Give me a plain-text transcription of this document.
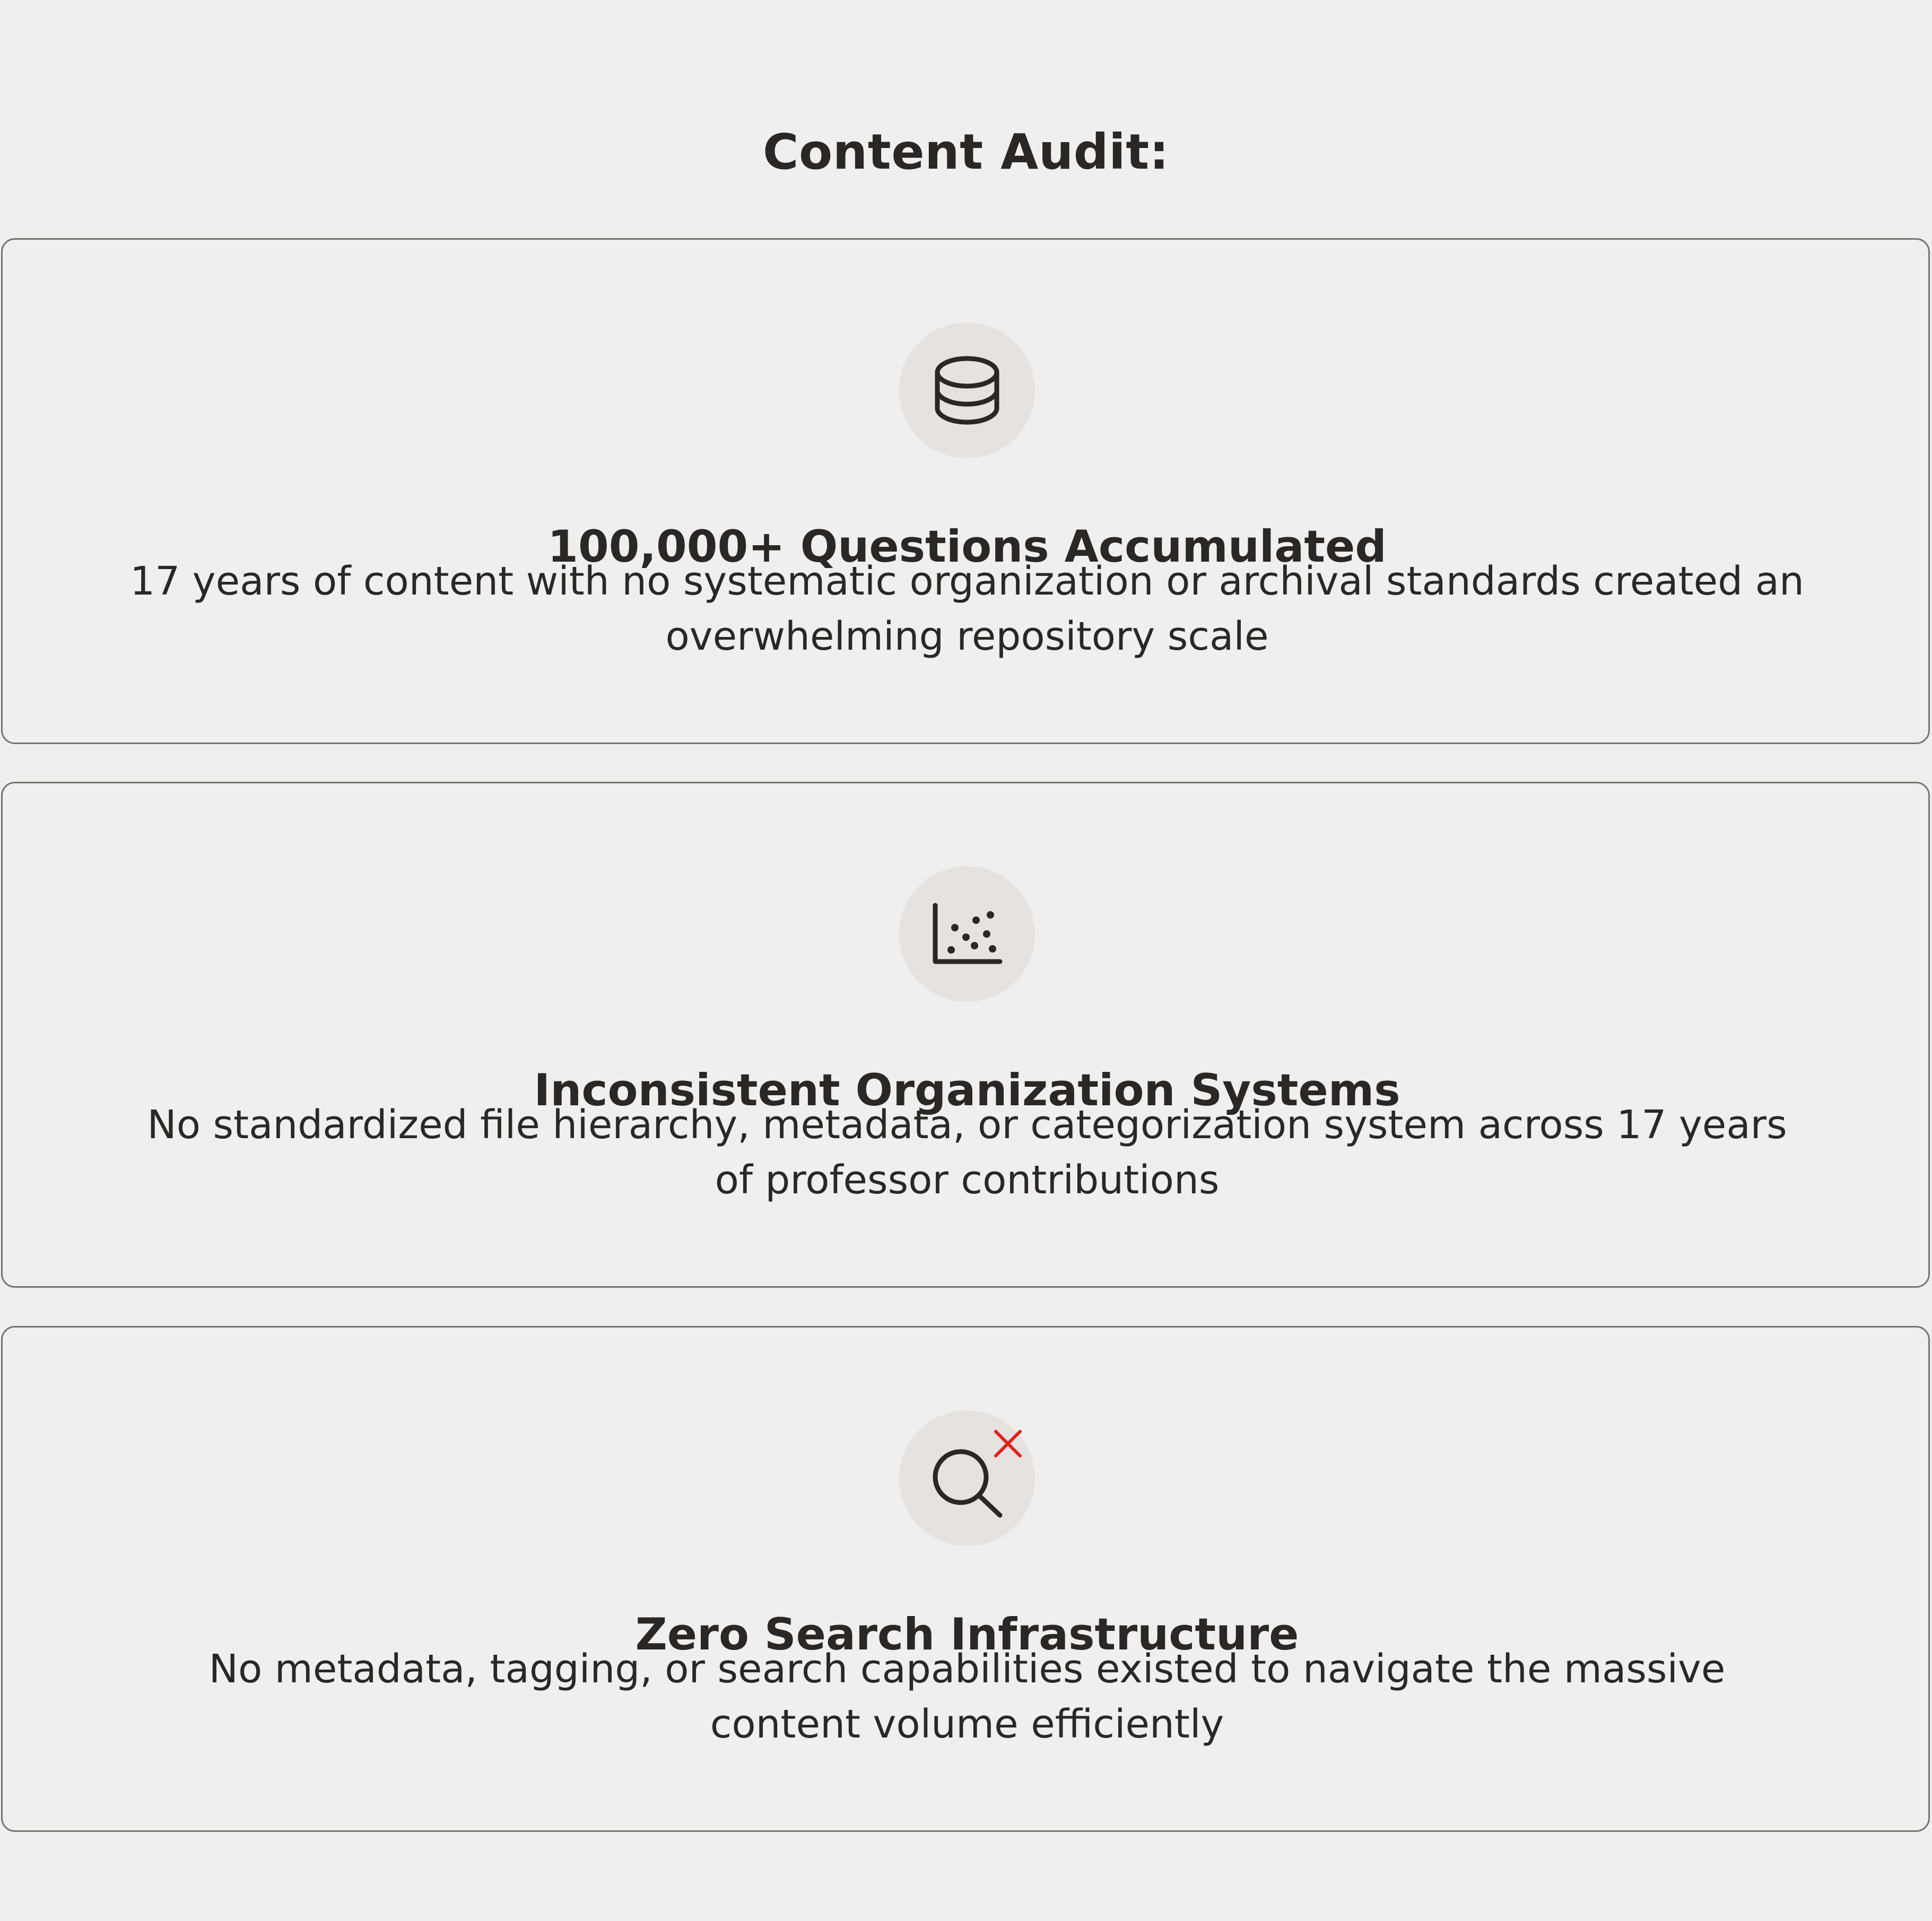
Content Audit:
100,000+ Questions Accumulated

17 years of content with no systematic organization or archival standards created an overwhelming repository scale

Inconsistent Organization Systems

No standardized file hierarchy, metadata, or categorization system across 17 years of professor contributions

Zero Search Infrastructure

No metadata, tagging, or search capabilities existed to navigate the massive content volume efficiently
